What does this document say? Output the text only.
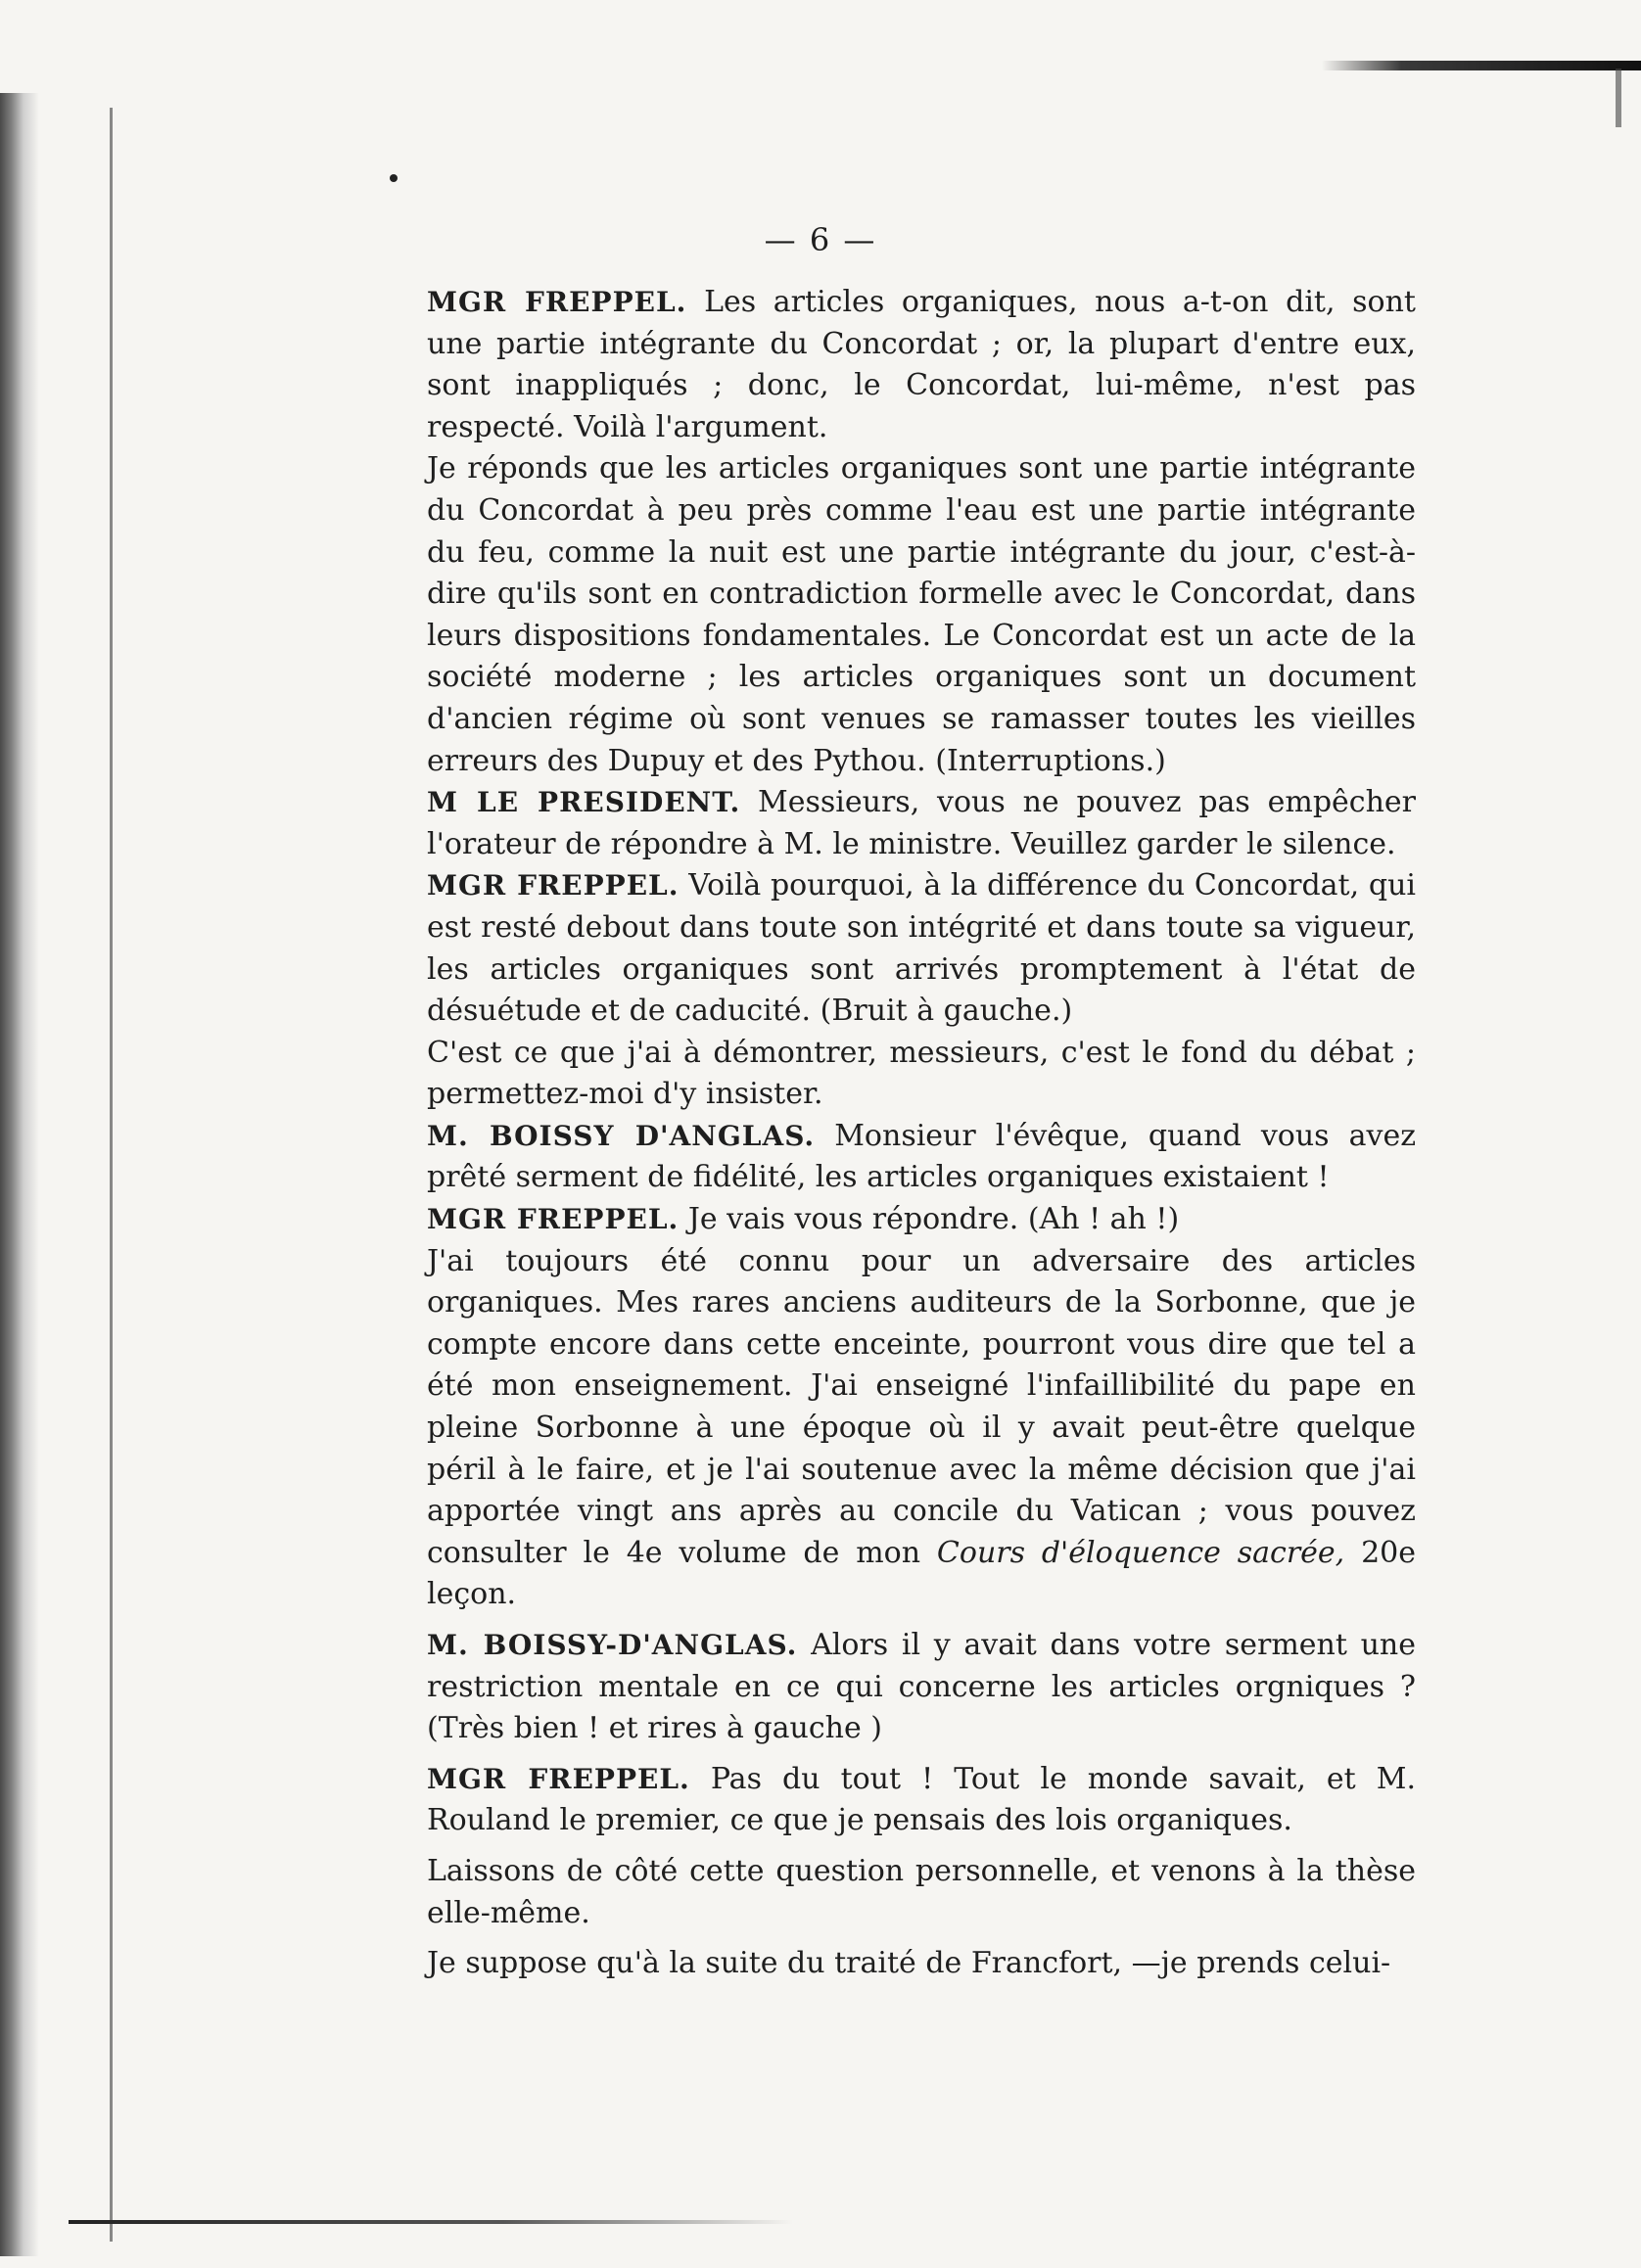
— 6 —

MGR FREPPEL. Les articles organiques, nous a-t-on dit, sont une partie intégrante du Concordat ; or, la plupart d'entre eux, sont inappliqués ; donc, le Concordat, lui-même, n'est pas respecté. Voilà l'argument.

Je réponds que les articles organiques sont une partie intégrante du Concordat à peu près comme l'eau est une partie intégrante du feu, comme la nuit est une partie intégrante du jour, c'est-à-dire qu'ils sont en contradiction formelle avec le Concordat, dans leurs dispositions fondamentales. Le Concordat est un acte de la société moderne ; les articles organiques sont un document d'ancien régime où sont venues se ramasser toutes les vieilles erreurs des Dupuy et des Pythou. (Interruptions.)

M LE PRESIDENT. Messieurs, vous ne pouvez pas empêcher l'orateur de répondre à M. le ministre. Veuillez garder le silence.

MGR FREPPEL. Voilà pourquoi, à la différence du Concordat, qui est resté debout dans toute son intégrité et dans toute sa vigueur, les articles organiques sont arrivés promptement à l'état de désuétude et de caducité. (Bruit à gauche.)

C'est ce que j'ai à démontrer, messieurs, c'est le fond du débat ; permettez-moi d'y insister.

M. BOISSY D'ANGLAS. Monsieur l'évêque, quand vous avez prêté serment de fidélité, les articles organiques existaient !

MGR FREPPEL. Je vais vous répondre. (Ah ! ah !)

J'ai toujours été connu pour un adversaire des articles organiques. Mes rares anciens auditeurs de la Sorbonne, que je compte encore dans cette enceinte, pourront vous dire que tel a été mon enseignement. J'ai enseigné l'infaillibilité du pape en pleine Sorbonne à une époque où il y avait peut-être quelque péril à le faire, et je l'ai soutenue avec la même décision que j'ai apportée vingt ans après au concile du Vatican ; vous pouvez consulter le 4e volume de mon Cours d'éloquence sacrée, 20e leçon.

M. BOISSY-D'ANGLAS. Alors il y avait dans votre serment une restriction mentale en ce qui concerne les articles orgniques ? (Très bien ! et rires à gauche )

MGR FREPPEL. Pas du tout ! Tout le monde savait, et M. Rouland le premier, ce que je pensais des lois organiques.

Laissons de côté cette question personnelle, et venons à la thèse elle-même.

Je suppose qu'à la suite du traité de Francfort, —je prends celui-
